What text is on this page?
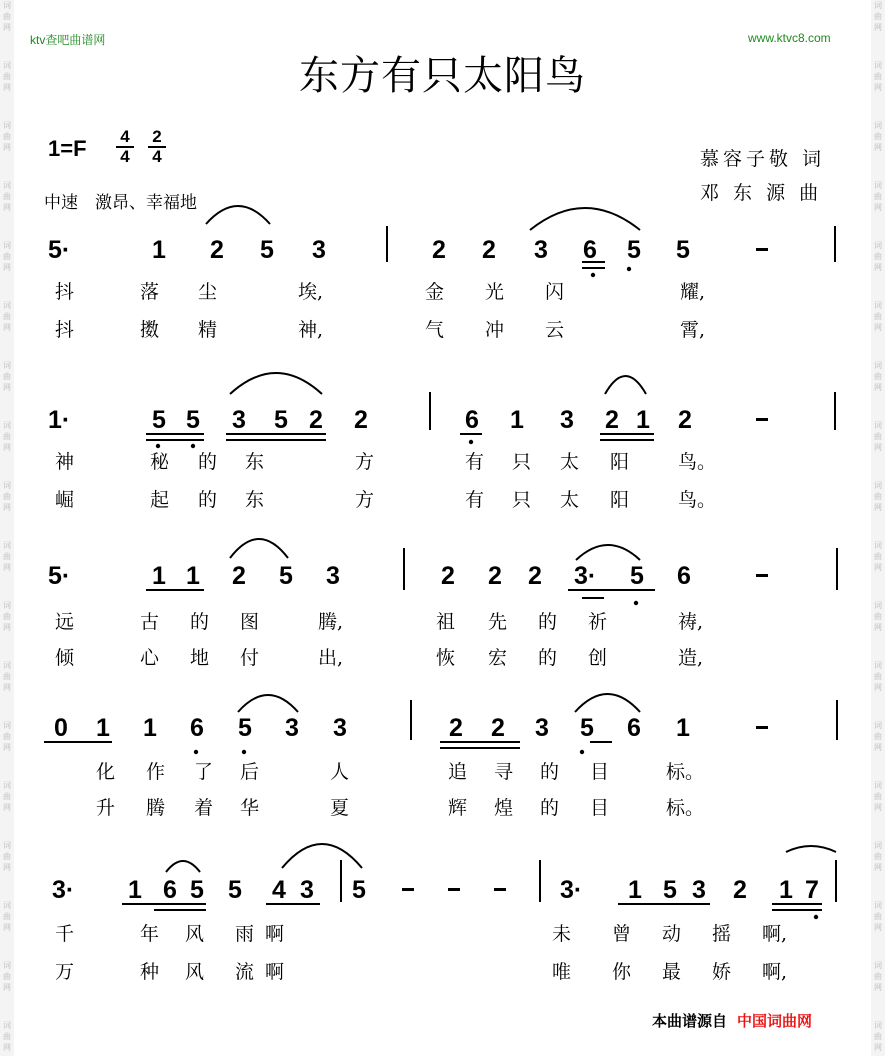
词
曲
网
词
曲
网
词
曲
网
词
曲
网
词
曲
网
词
曲
网
词
曲
网
词
曲
网
词
曲
网
词
曲
网
词
曲
网
词
曲
网
词
曲
网
词
曲
网
词
曲
网
词
曲
网
词
曲
网
词
曲
网
词
曲
网
词
曲
网
词
曲
网
词
曲
网
词
曲
网
词
曲
网
词
曲
网
词
曲
网
词
曲
网
词
曲
网
词
曲
网
词
曲
网
词
曲
网
词
曲
网
词
曲
网
词
曲
网
词
曲
网
词
曲
网
ktv查吧曲谱网	www.ktvc8.com
东方有只太阳鸟
$1=F \frac{4}{4} \frac{2}{4}$
中速　激昂、幸福地
慕容子敬 词
邓 东 源 曲
5·	1 2 5 3	2 2 3 6 5 5
抖	落 尘	埃,	金 光 闪	耀,
抖	擞 精	神,	气 冲 云	霄,
1·	5 5 3 5 2 2	6 1 3 2 1 2
神	秘 的 东	方	有 只 太 阳	鸟。
崛	起 的 东	方	有 只 太 阳	鸟。
5·	1 1 2 5 3	2 2 2 3· 5 6
远	古 的 图	腾,	祖 先 的 祈	祷,
倾	心 地 付	出,	恢 宏 的 创	造,
0 1 1 6 5 3 3	2 2 3 5 6 1
化 作 了 后	人	追 寻 的 目	标。
升 腾 着 华	夏	辉 煌 的 目	标。
3· 1 6 5 5 4 3 5	3· 1 5 3 2 1 7
千	年 风 雨 啊	未 曾 动 摇 啊,
万	种 风 流 啊	唯 你 最 娇 啊,
本曲谱源自 中国词曲网
